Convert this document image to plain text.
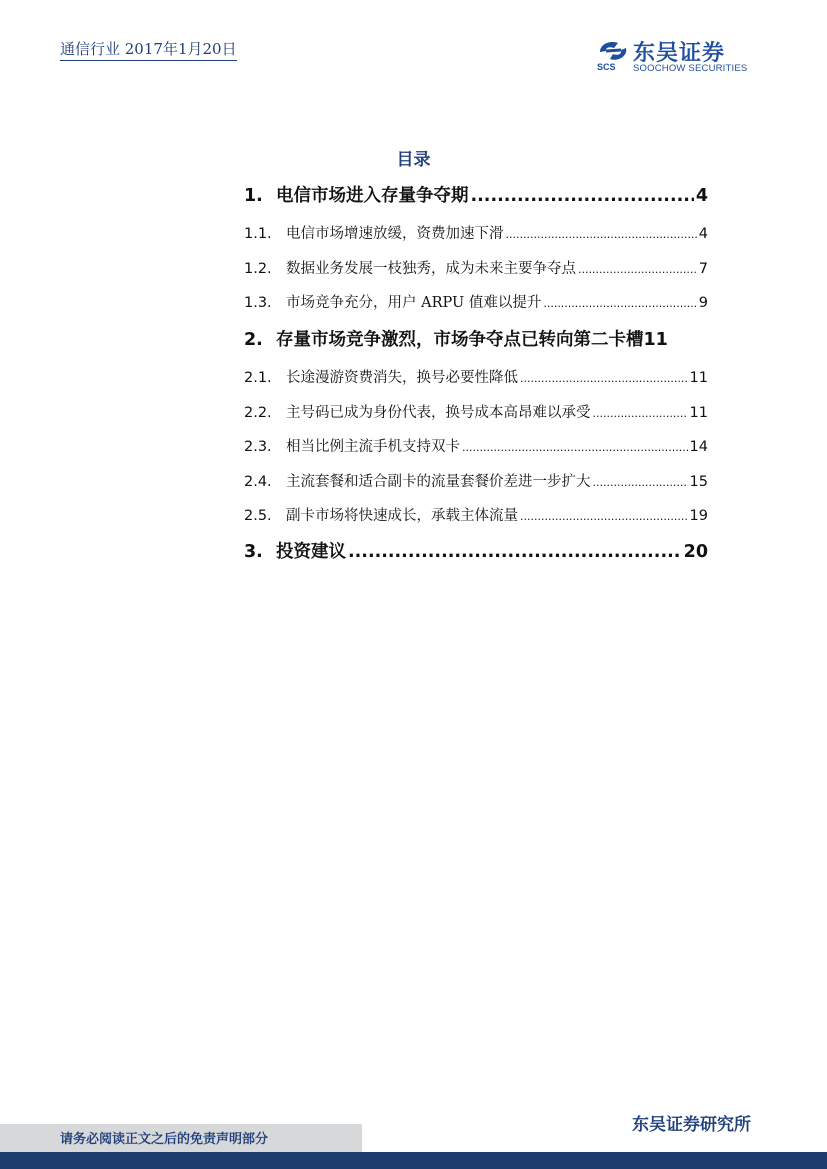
通信行业 2017年1月20日
SCS
东吴证券
SOOCHOW SECURITIES
目录
1. 电信市场进入存量争夺期 .....	4
1.1. 电信市场增速放缓，资费加速下滑 .....	4
1.2. 数据业务发展一枝独秀，成为未来主要争夺点 .....	7
1.3. 市场竞争充分，用户 ARPU 值难以提升 .....	9
2. 存量市场竞争激烈，市场争夺点已转向第二卡槽 11
2.1. 长途漫游资费消失，换号必要性降低 .....	11
2.2. 主号码已成为身份代表，换号成本高昂难以承受 .....	11
2.3. 相当比例主流手机支持双卡 .....	14
2.4. 主流套餐和适合副卡的流量套餐价差进一步扩大 .....	15
2.5. 副卡市场将快速成长，承载主体流量 .....	19
3. 投资建议 .....	20
请务必阅读正文之后的免责声明部分
东吴证券研究所
